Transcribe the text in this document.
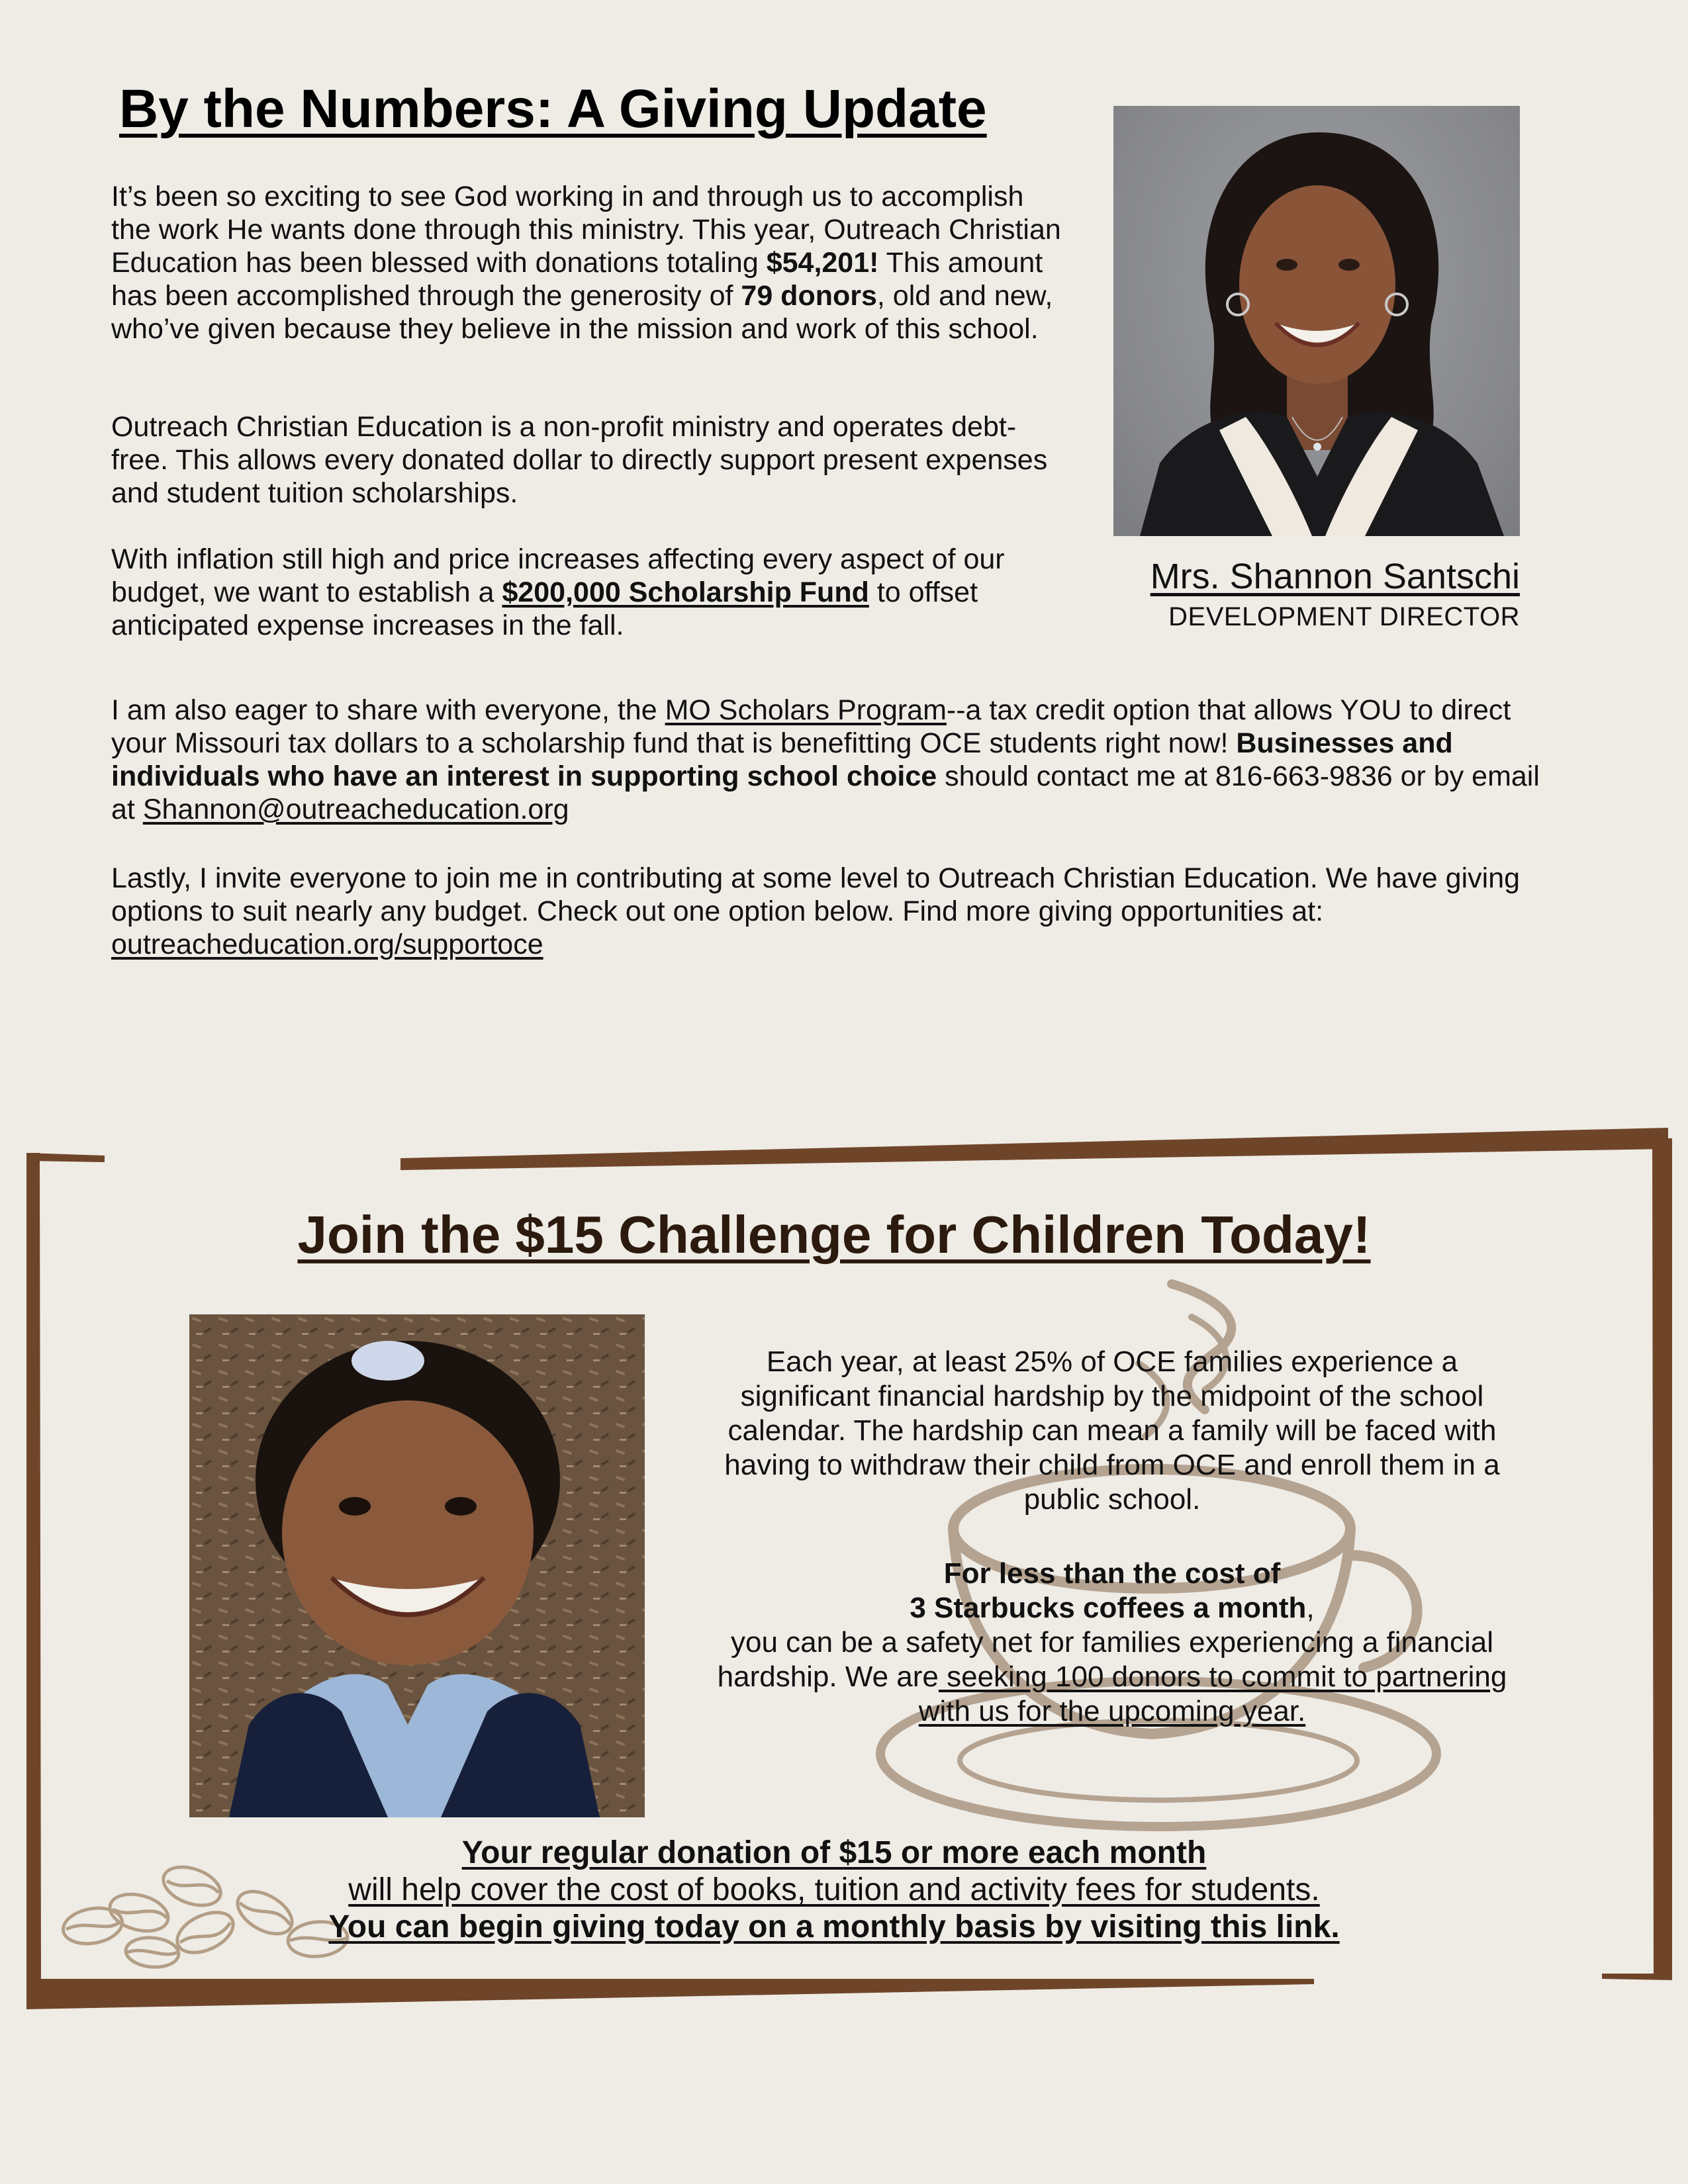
By the Numbers: A Giving Update

It’s been so exciting to see God working in and through us to accomplish the work He wants done through this ministry. This year, Outreach Christian Education has been blessed with donations totaling $54,201! This amount has been accomplished through the generosity of 79 donors, old and new, who’ve given because they believe in the mission and work of this school.

Outreach Christian Education is a non-profit ministry and operates debt-free. This allows every donated dollar to directly support present expenses and student tuition scholarships.

With inflation still high and price increases affecting every aspect of our budget, we want to establish a $200,000 Scholarship Fund to offset anticipated expense increases in the fall.

I am also eager to share with everyone, the MO Scholars Program--a tax credit option that allows YOU to direct your Missouri tax dollars to a scholarship fund that is benefitting OCE students right now! Businesses and individuals who have an interest in supporting school choice should contact me at 816-663-9836 or by email at Shannon@outreacheducation.org

Lastly, I invite everyone to join me in contributing at some level to Outreach Christian Education. We have giving options to suit nearly any budget. Check out one option below. Find more giving opportunities at: outreacheducation.org/supportoce

Mrs. Shannon Santschi
DEVELOPMENT DIRECTOR
Join the $15 Challenge for Children Today!

Each year, at least 25% of OCE families experience a significant financial hardship by the midpoint of the school calendar. The hardship can mean a family will be faced with having to withdraw their child from OCE and enroll them in a public school.

For less than the cost of
3 Starbucks coffees a month,
you can be a safety net for families experiencing a financial hardship. We are seeking 100 donors to commit to partnering with us for the upcoming year.

Your regular donation of $15 or more each month
will help cover the cost of books, tuition and activity fees for students.
You can begin giving today on a monthly basis by visiting this link.
